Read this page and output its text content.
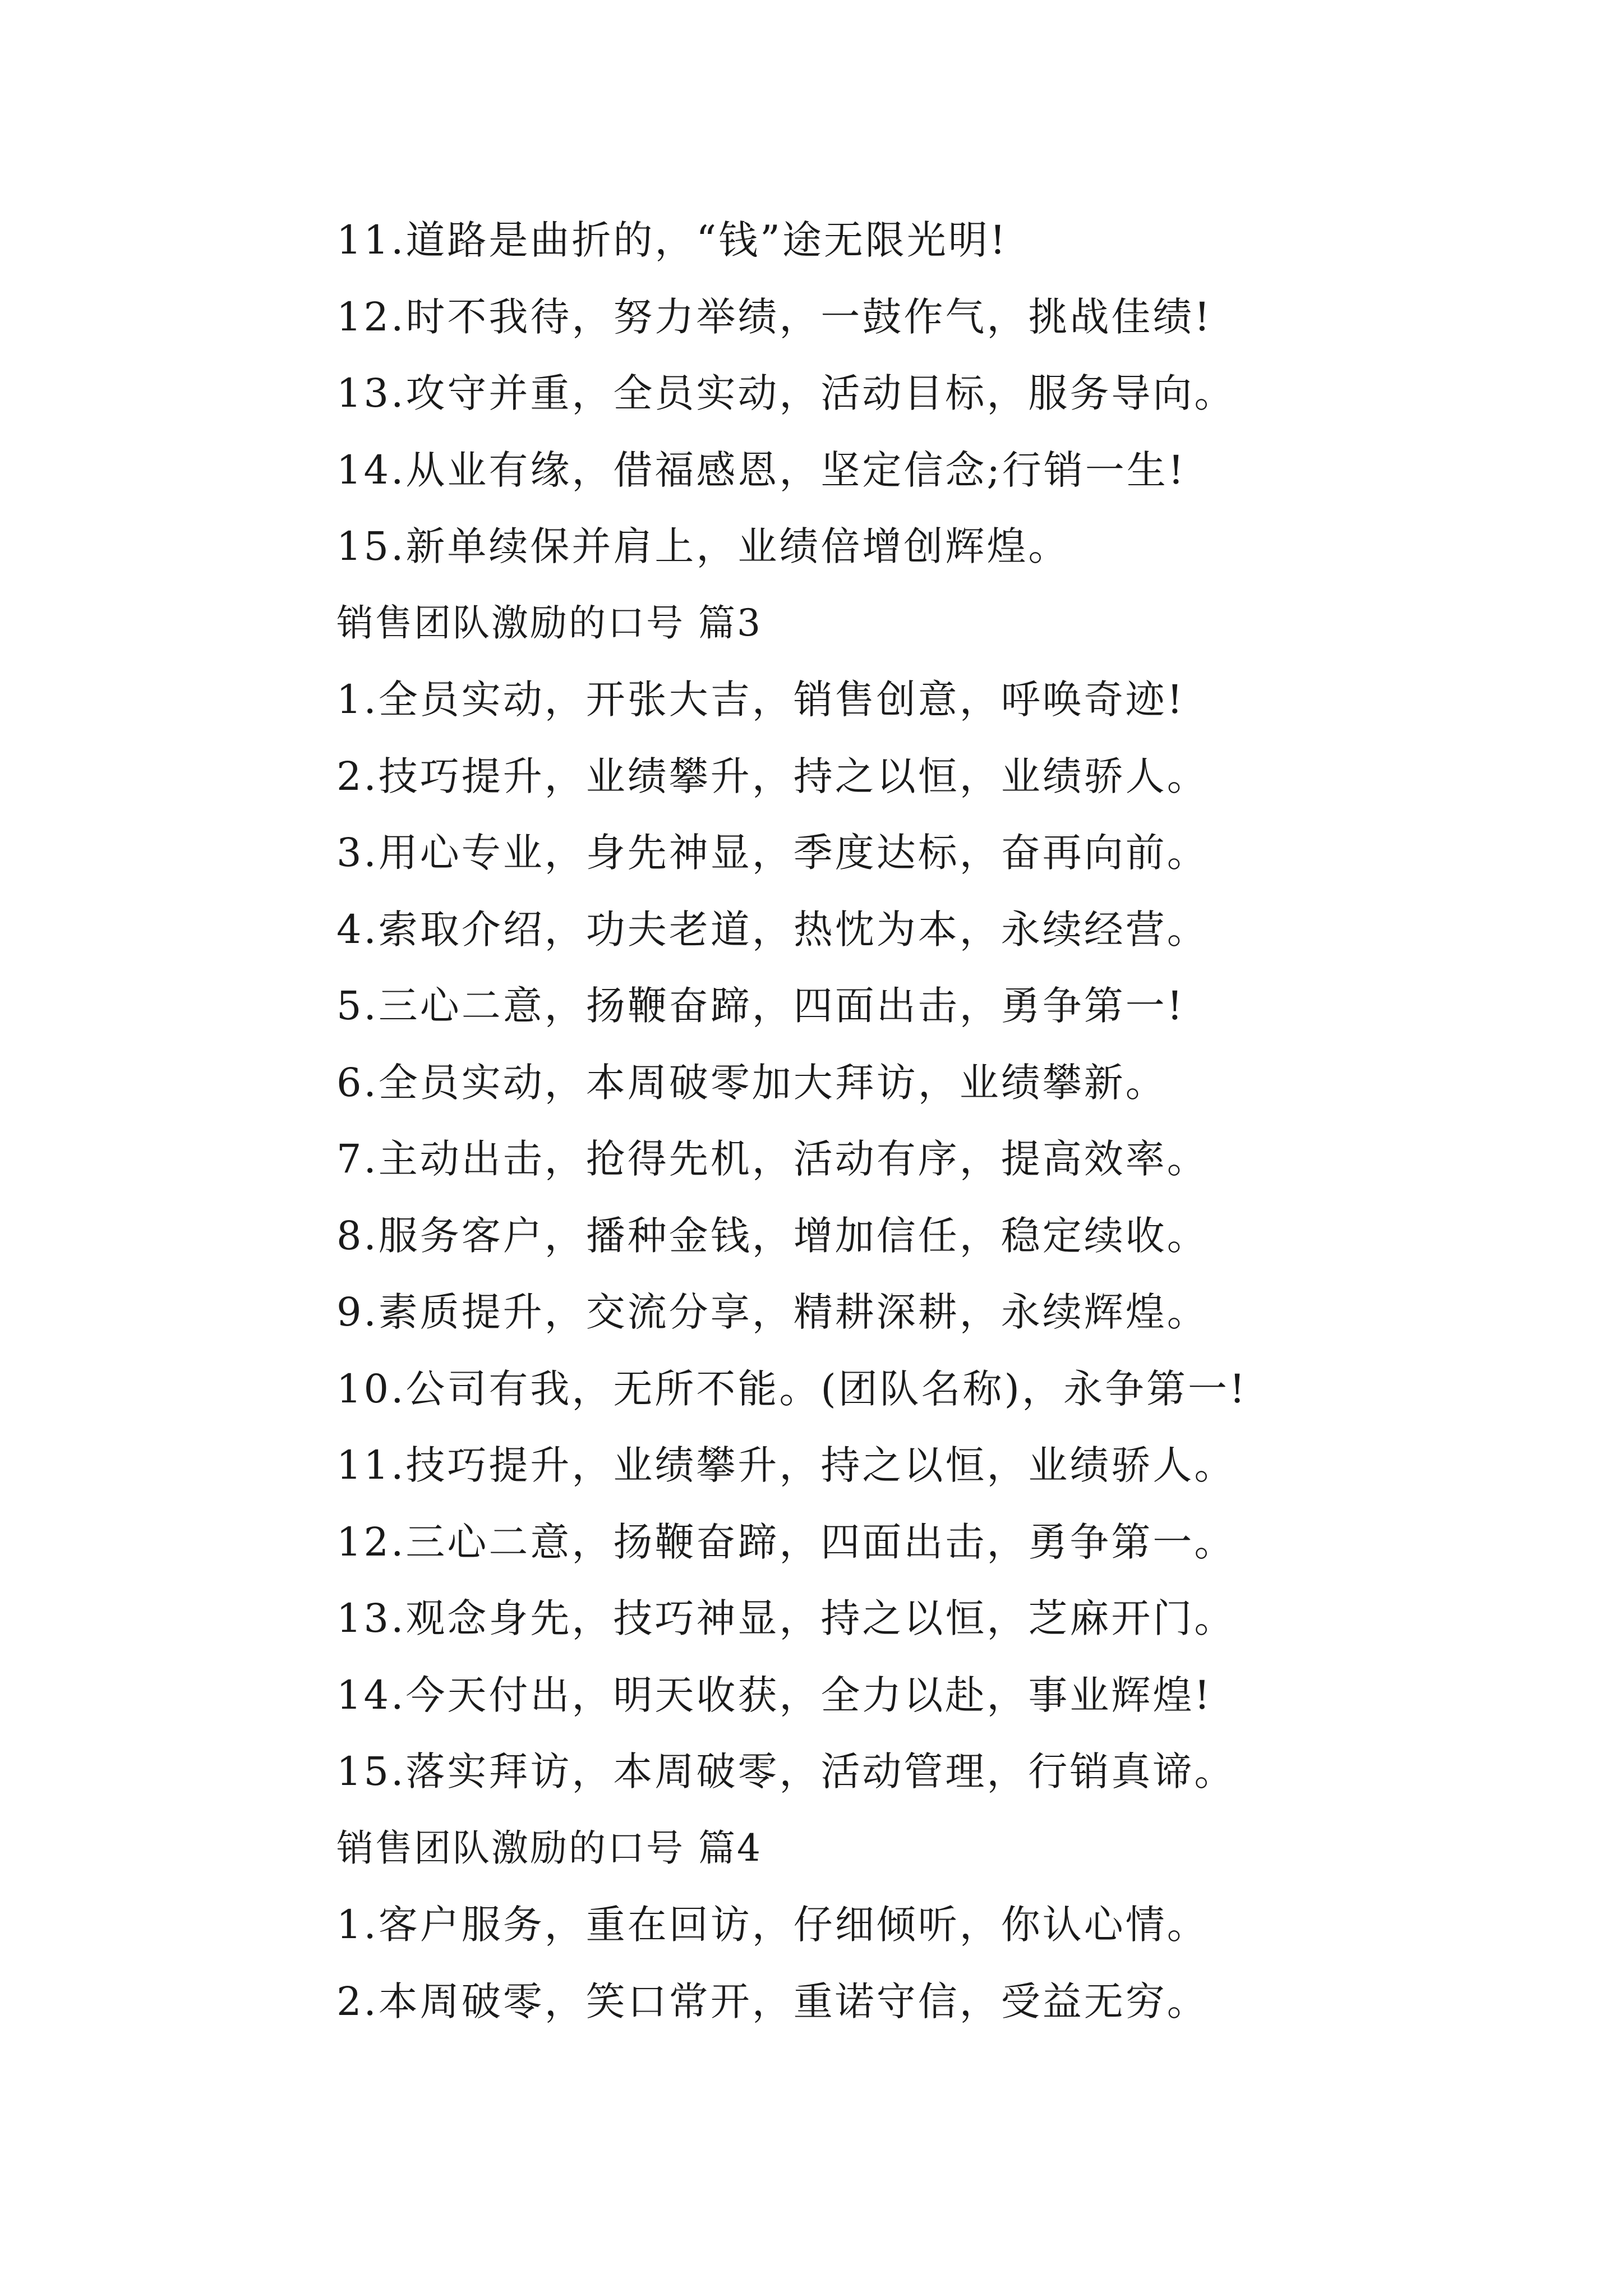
11.道路是曲折的，“钱”途无限光明!
12.时不我待，努力举绩，一鼓作气，挑战佳绩!
13.攻守并重，全员实动，活动目标，服务导向。
14.从业有缘，借福感恩，坚定信念;行销一生!
15.新单续保并肩上，业绩倍增创辉煌。
销售团队激励的口号 篇3
1.全员实动，开张大吉，销售创意，呼唤奇迹!
2.技巧提升，业绩攀升，持之以恒，业绩骄人。
3.用心专业，身先神显，季度达标，奋再向前。
4.索取介绍，功夫老道，热忱为本，永续经营。
5.三心二意，扬鞭奋蹄，四面出击，勇争第一!
6.全员实动，本周破零加大拜访，业绩攀新。
7.主动出击，抢得先机，活动有序，提高效率。
8.服务客户，播种金钱，增加信任，稳定续收。
9.素质提升，交流分享，精耕深耕，永续辉煌。
10.公司有我，无所不能。(团队名称)，永争第一!
11.技巧提升，业绩攀升，持之以恒，业绩骄人。
12.三心二意，扬鞭奋蹄，四面出击，勇争第一。
13.观念身先，技巧神显，持之以恒，芝麻开门。
14.今天付出，明天收获，全力以赴，事业辉煌!
15.落实拜访，本周破零，活动管理，行销真谛。
销售团队激励的口号 篇4
1.客户服务，重在回访，仔细倾听，你认心情。
2.本周破零，笑口常开，重诺守信，受益无穷。
